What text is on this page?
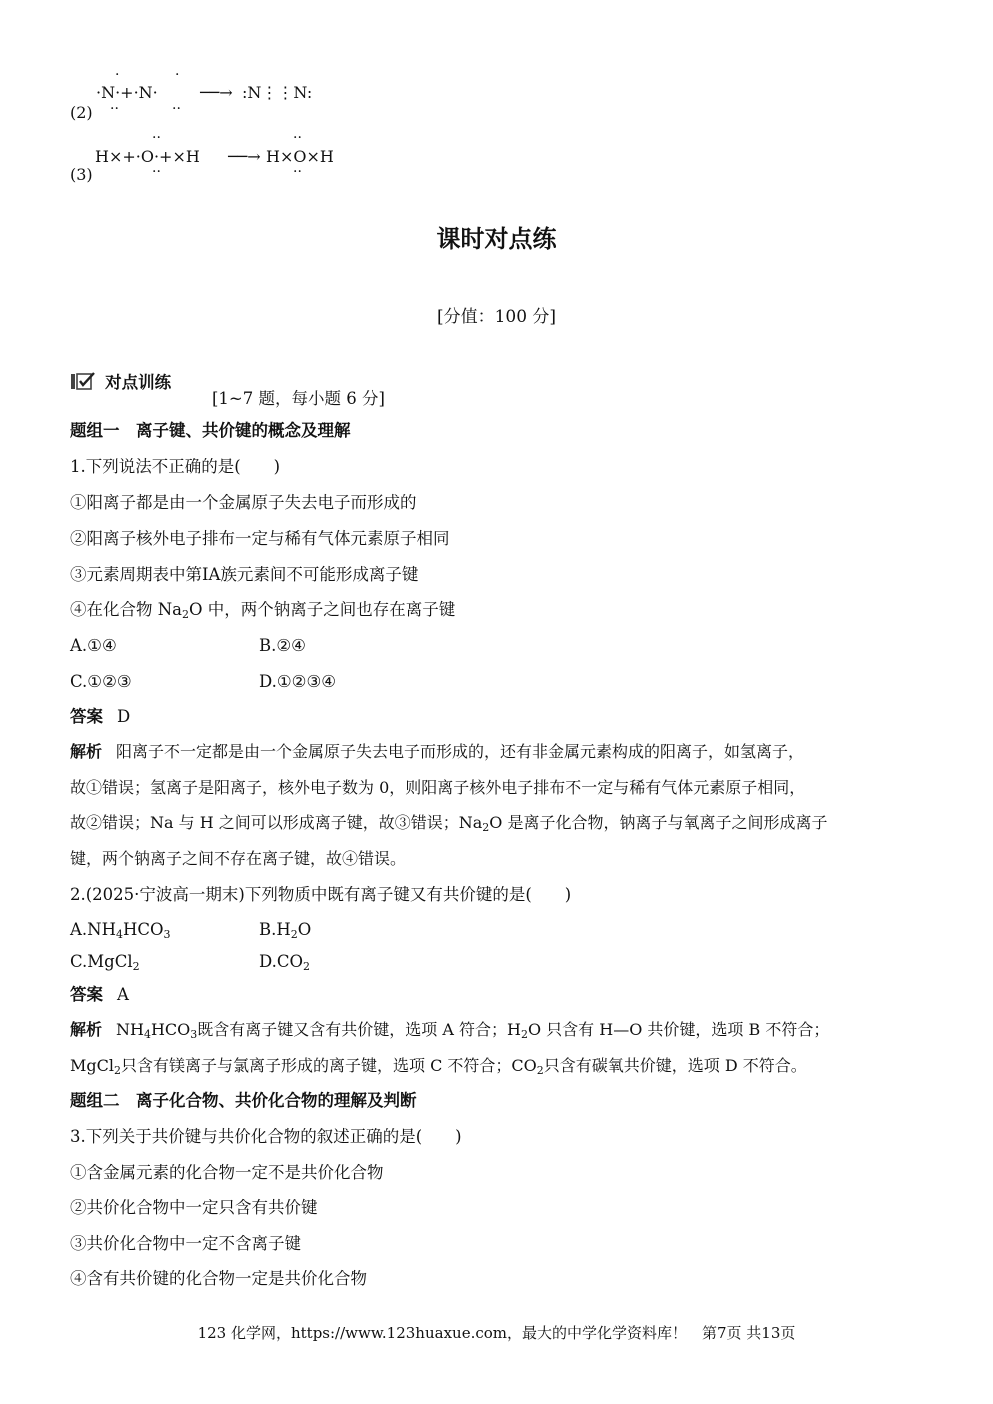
(2)
·N·+·N·	──→ :N⋮⋮N:
·	·
··	··
(3)
H×+·O·+×H ──→ H×O×H
··
··
··
··
课时对点练
[分值：100 分]
对点训练
[1~7 题，每小题 6 分]
题组一　离子键、共价键的概念及理解
1.下列说法不正确的是(　　)
①阳离子都是由一个金属原子失去电子而形成的
②阳离子核外电子排布一定与稀有气体元素原子相同
③元素周期表中第ⅠA族元素间不可能形成离子键
④在化合物 $Na_2O$ 中，两个钠离子之间也存在离子键
A.①④	B.②④
C.①②③	D.①②③④
答案 D
解析 阳离子不一定都是由一个金属原子失去电子而形成的，还有非金属元素构成的阳离子，如氢离子，
故①错误；氢离子是阳离子，核外电子数为 0，则阳离子核外电子排布不一定与稀有气体元素原子相同，
故②错误；Na 与 H 之间可以形成离子键，故③错误；$Na_2O$ 是离子化合物，钠离子与氧离子之间形成离子
键，两个钠离子之间不存在离子键，故④错误。
2.(2025·宁波高一期末)下列物质中既有离子键又有共价键的是(　　)
$A.NH_4HCO_3$	$B.H_2O$
C.MgCl$_2$	$D.CO_2$
答案 A
解析 $NH_4HCO_3$既含有离子键又含有共价键，选项 A 符合；$H_2O$ 只含有 H—O 共价键，选项 B 不符合；
MgCl$_2$只含有镁离子与氯离子形成的离子键，选项 C 不符合；$CO_2$只含有碳氧共价键，选项 D 不符合。
题组二　离子化合物、共价化合物的理解及判断
3.下列关于共价键与共价化合物的叙述正确的是(　　)
①含金属元素的化合物一定不是共价化合物
②共价化合物中一定只含有共价键
③共价化合物中一定不含离子键
④含有共价键的化合物一定是共价化合物
123 化学网，https://www.123huaxue.com，最大的中学化学资料库！　第7页 共13页
